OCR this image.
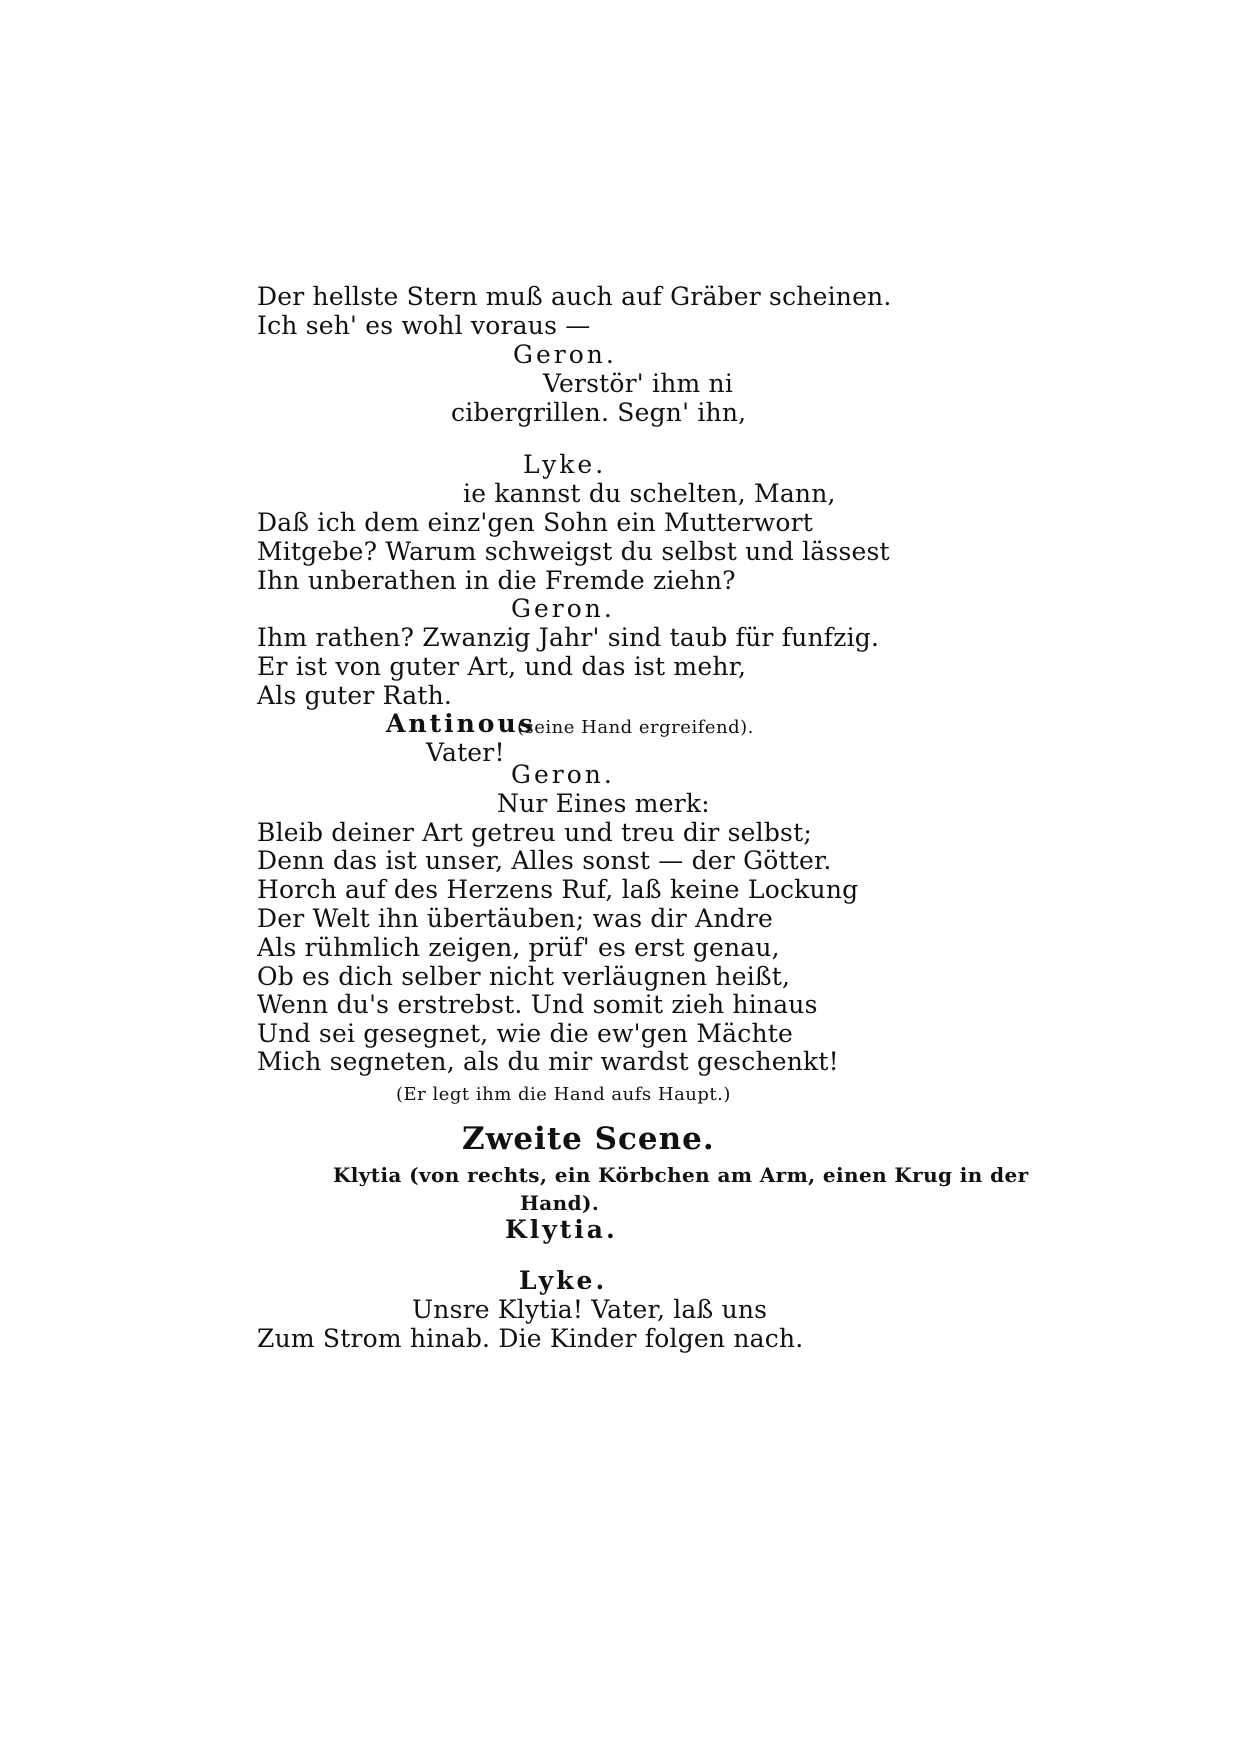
Der hellste Stern muß auch auf Gräber scheinen.
Ich seh' es wohl voraus —
Geron.
Verstör' ihm ni
cibergrillen. Segn' ihn,
Lyke.
ie kannst du schelten, Mann,
Daß ich dem einz'gen Sohn ein Mutterwort
Mitgebe? Warum schweigst du selbst und lässest
Ihn unberathen in die Fremde ziehn?
Geron.
Ihm rathen? Zwanzig Jahr' sind taub für funfzig.
Er ist von guter Art, und das ist mehr,
Als guter Rath.
Antinous
(seine Hand ergreifend).
Vater!
Geron.
Nur Eines merk:
Bleib deiner Art getreu und treu dir selbst;
Denn das ist unser, Alles sonst — der Götter.
Horch auf des Herzens Ruf, laß keine Lockung
Der Welt ihn übertäuben; was dir Andre
Als rühmlich zeigen, prüf' es erst genau,
Ob es dich selber nicht verläugnen heißt,
Wenn du's erstrebst. Und somit zieh hinaus
Und sei gesegnet, wie die ew'gen Mächte
Mich segneten, als du mir wardst geschenkt!
(Er legt ihm die Hand aufs Haupt.)
Zweite Scene.
Klytia (von rechts, ein Körbchen am Arm, einen Krug in der
Hand).
Klytia.
Lyke.
Unsre Klytia! Vater, laß uns
Zum Strom hinab. Die Kinder folgen nach.
